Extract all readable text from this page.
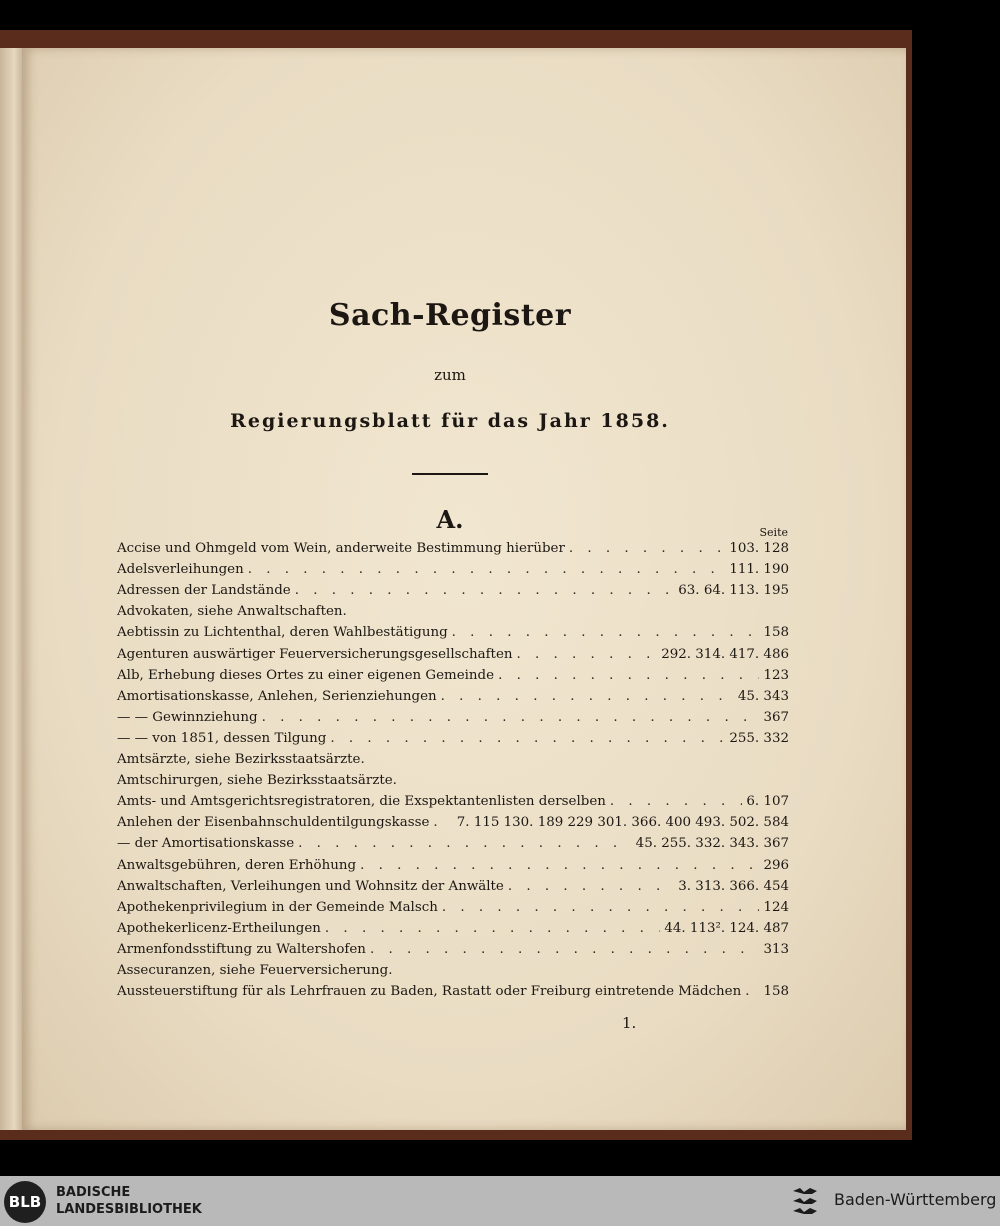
Sach-Register
zum
Regierungsblatt für das Jahr 1858.
A.	Seite
Accise und Ohmgeld vom Wein, anderweite Bestimmung hierüber . . .	103. 128
Adelsverleihungen . . .	111. 190
Adressen der Landstände . . .	63. 64. 113. 195
Advokaten, siehe Anwaltschaften.
Aebtissin zu Lichtenthal, deren Wahlbestätigung . . .	158
Agenturen auswärtiger Feuerversicherungsgesellschaften . . .	292. 314. 417. 486
Alb, Erhebung dieses Ortes zu einer eigenen Gemeinde . . .	123
Amortisationskasse, Anlehen, Serienziehungen . . .	45. 343
— — Gewinnziehung . . .	367
— — von 1851, dessen Tilgung . . .	255. 332
Amtsärzte, siehe Bezirksstaatsärzte.
Amtschirurgen, siehe Bezirksstaatsärzte.
Amts- und Amtsgerichtsregistratoren, die Exspektantenlisten derselben . . .	6. 107
Anlehen der Eisenbahnschuldentilgungskasse . . . 7. 115 130. 189 229 301. 366. 400 493. 502. 584
— der Amortisationskasse . . .	45. 255. 332. 343. 367
Anwaltsgebühren, deren Erhöhung . . .	296
Anwaltschaften, Verleihungen und Wohnsitz der Anwälte . . .	3. 313. 366. 454
Apothekenprivilegium in der Gemeinde Malsch . . .	124
Apothekerlicenz-Ertheilungen . . .	44. 113². 124. 487
Armenfondsstiftung zu Waltershofen . . .	313
Assecuranzen, siehe Feuerversicherung.
Aussteuerstiftung für als Lehrfrauen zu Baden, Rastatt oder Freiburg eintretende Mädchen . . . 158
1.
BLB
BADISCHE
LANDESBIBLIOTHEK
Baden-Württemberg
